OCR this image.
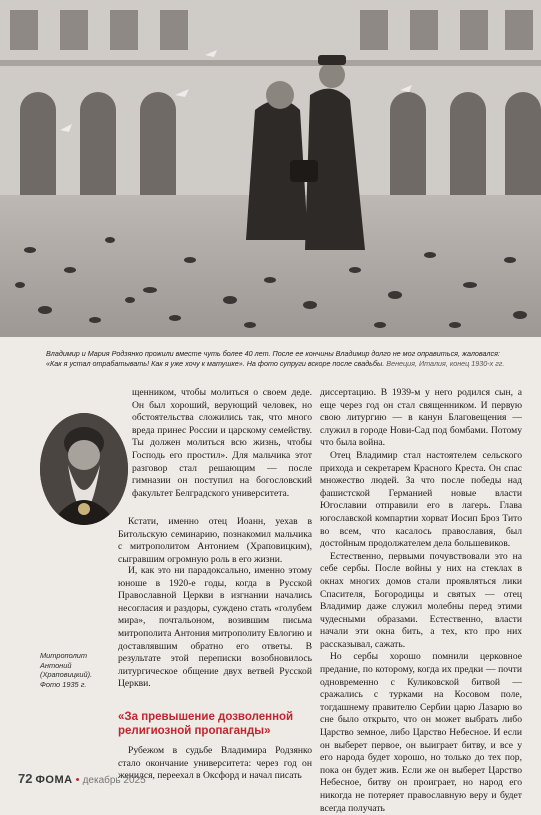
Владимир и Мария Родзянко прожили вместе чуть более 40 лет. После ее кончины Владимир долго не мог оправиться, жаловался: «Как я устал отрабатывать! Как я уже хочу к матушке». На фото супруги вскоре после свадьбы. Венеция, Италия, конец 1930-х гг.

щенником, чтобы молиться о своем деде. Он был хороший, верующий человек, но обстоятельства сложились так, что много вреда принес России и царскому семейству. Ты должен молиться всю жизнь, чтобы Господь его простил». Для мальчика этот разговор стал решающим — после гимназии он поступил на богословский факультет Белградского университета.

Кстати, именно отец Иоанн, уехав в Битольскую семинарию, познакомил мальчика с митрополитом Антонием (Храповицким), сыгравшим огромную роль в его жизни.

И, как это ни парадоксально, именно этому юноше в 1920-е годы, когда в Русской Православной Церкви в изгнании начались несогласия и раздоры, суждено стать «голубем мира», почтальоном, возившим письма митрополита Антония митрополиту Евлогию и доставлявшим обратно его ответы. В результате этой переписки возобновилось литургическое общение двух ветвей Русской Церкви.

Митрополит
Антоний
(Храповицкий).
Фото 1935 г.
«За превышение дозволенной религиозной пропаганды»

Рубежом в судьбе Владимира Родзянко стало окончание университета: через год он женился, переехал в Оксфорд и начал писать

диссертацию. В 1939-м у него родился сын, а еще через год он стал священником. И первую свою литургию — в канун Благовещения — служил в городе Нови-Сад под бомбами. Потому что была война.

Отец Владимир стал настоятелем сельского прихода и секретарем Красного Креста. Он спас множество людей. За что после победы над фашистской Германией новые власти Югославии отправили его в лагерь. Глава югославской компартии хорват Иосип Броз Тито во всем, что касалось православия, был достойным продолжателем дела большевиков.

Естественно, первыми почувствовали это на себе сербы. После войны у них на стеклах в окнах многих домов стали проявляться лики Спасителя, Богородицы и святых — отец Владимир даже служил молебны перед этими чудесными образами. Естественно, власти начали эти окна бить, а тех, кто про них рассказывал, сажать.

Но сербы хорошо помнили церковное предание, по которому, когда их предки — почти одновременно с Куликовской битвой — сражались с турками на Косовом поле, тогдашнему правителю Сербии царю Лазарю во сне было открыто, что он может выбрать либо Царство земное, либо Царство Небесное. И если он выберет первое, он выиграет битву, и все у его народа будет хорошо, но только до тех пор, пока он будет жив. Если же он выберет Царство Небесное, битву он проиграет, но народ его никогда не потеряет православную веру и будет всегда получать

72 ФОМА • декабрь 2025
